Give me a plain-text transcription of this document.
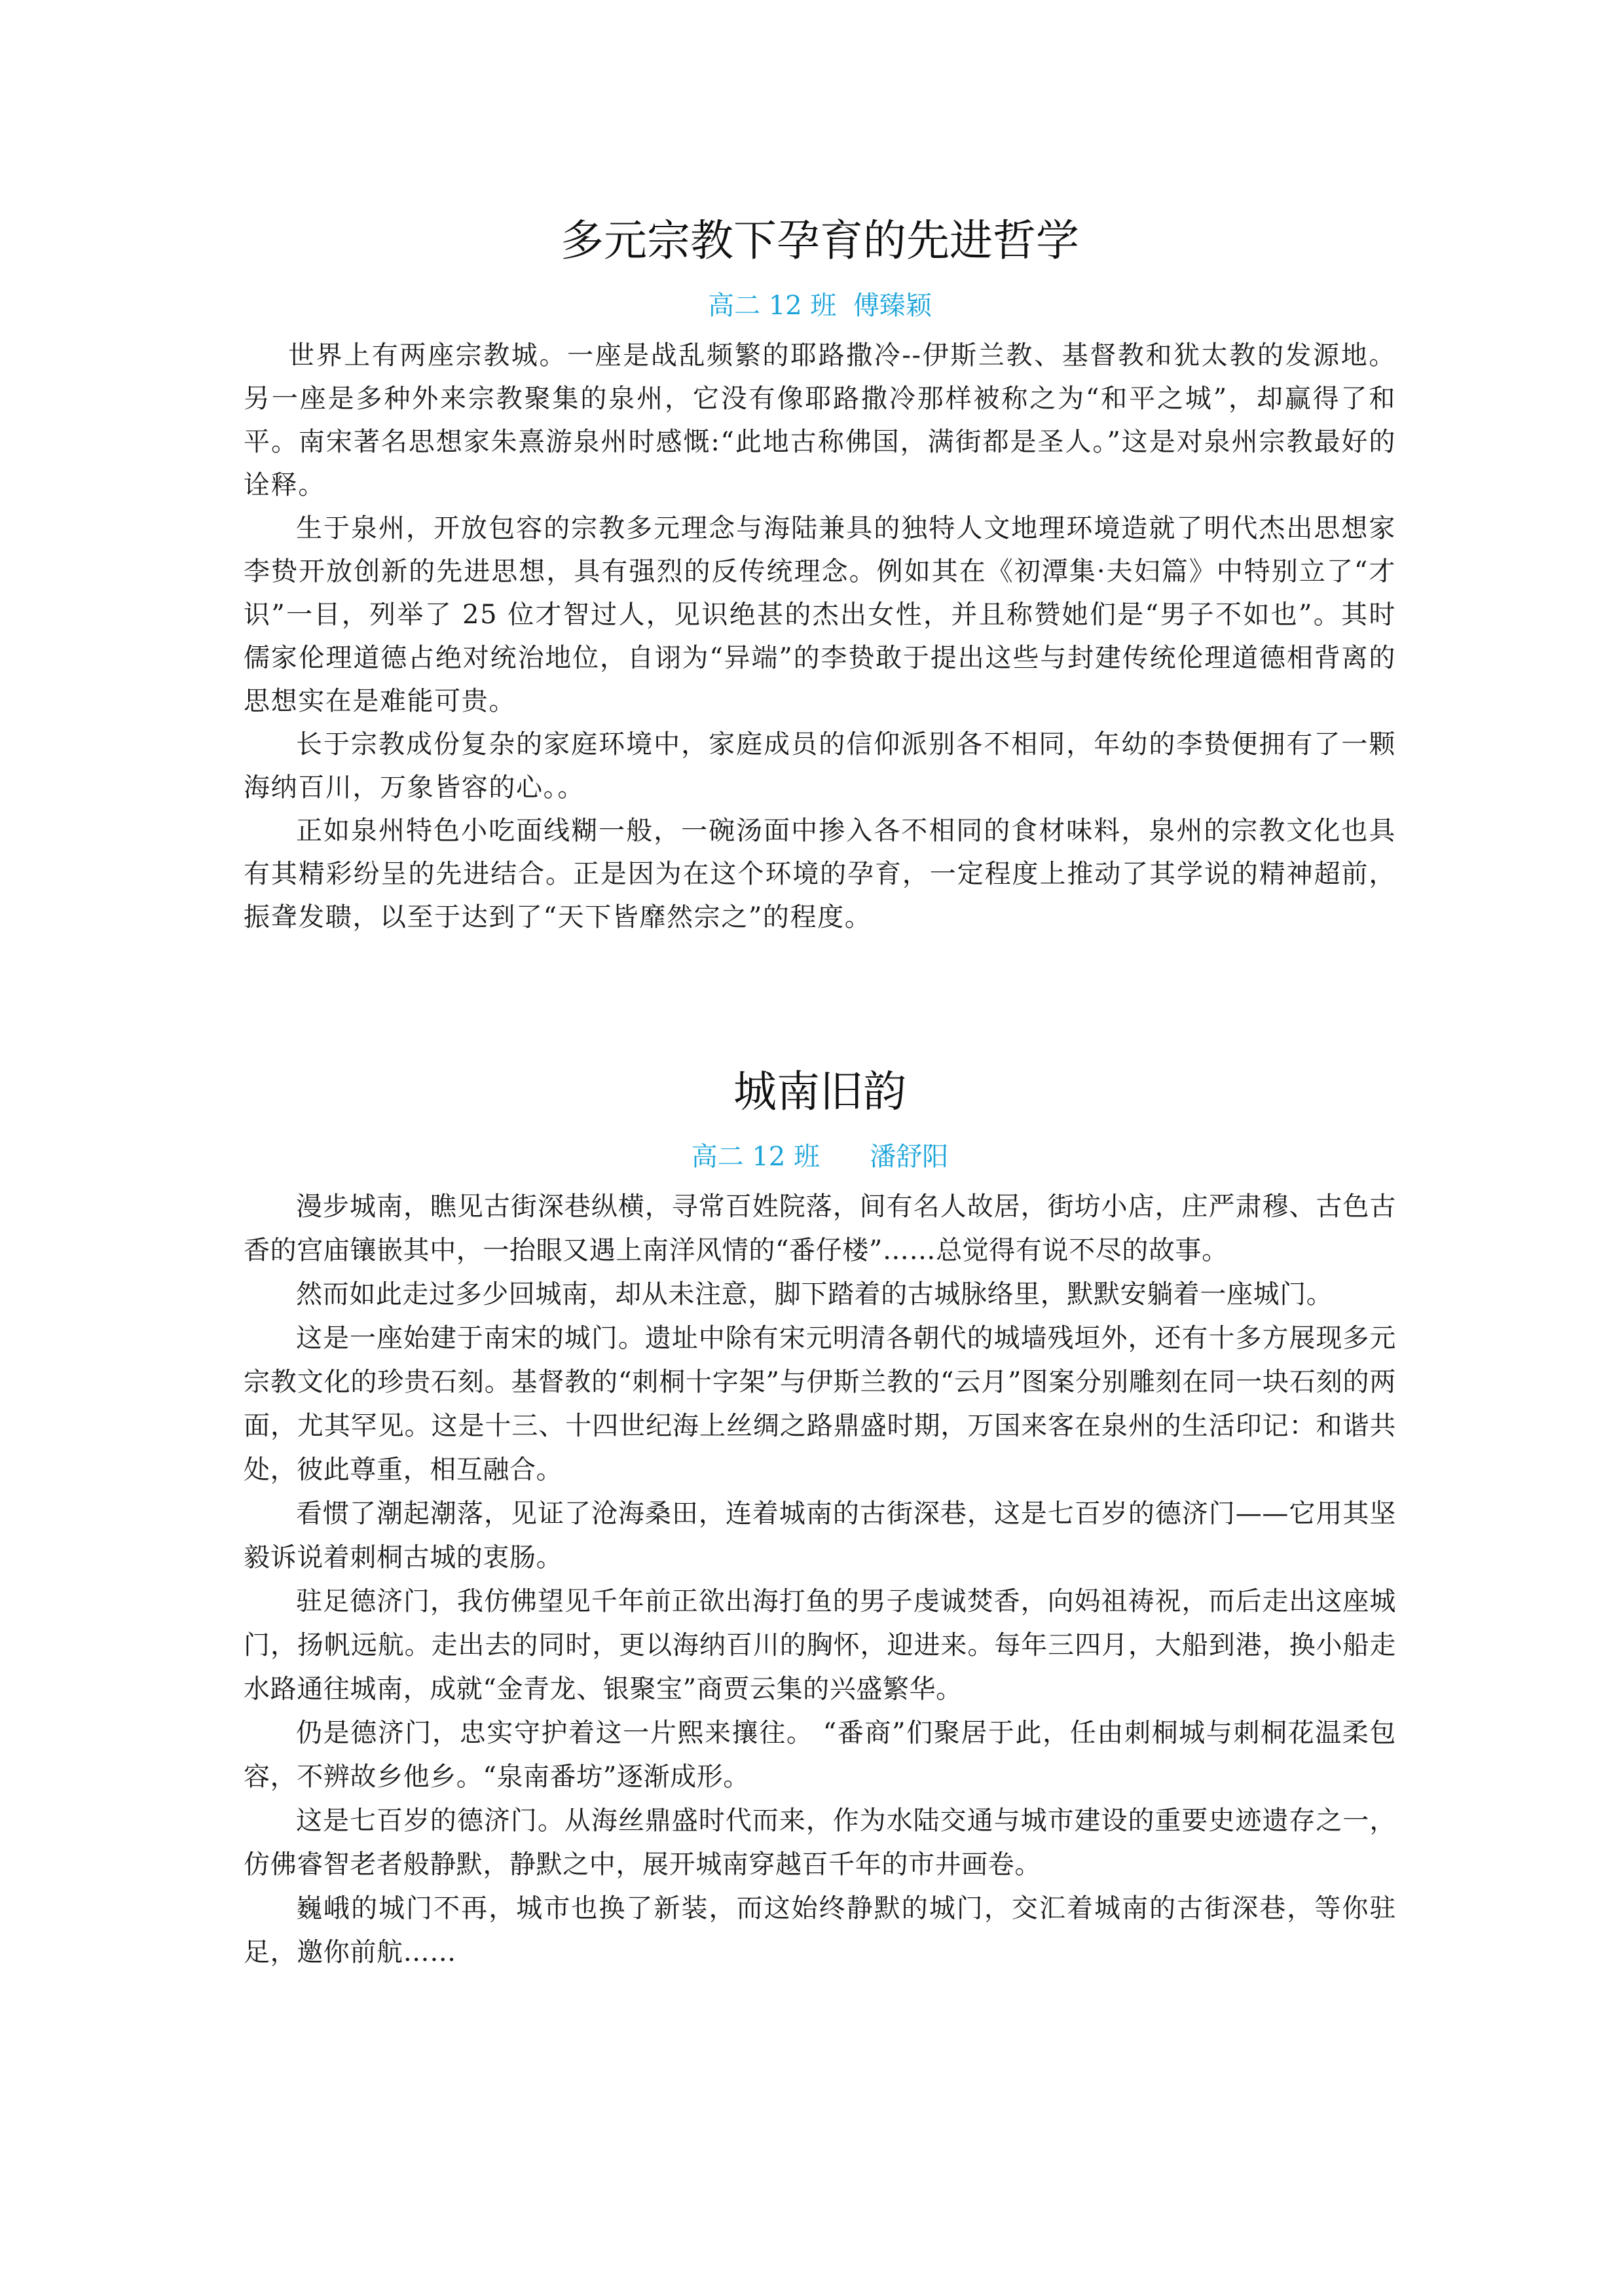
多元宗教下孕育的先进哲学
高二 12 班  傅臻颖

世界上有两座宗教城。一座是战乱频繁的耶路撒冷--伊斯兰教、基督教和犹太教的发源地。另一座是多种外来宗教聚集的泉州，它没有像耶路撒冷那样被称之为“和平之城”，却赢得了和平。南宋著名思想家朱熹游泉州时感慨:“此地古称佛国，满街都是圣人。”这是对泉州宗教最好的诠释。

生于泉州，开放包容的宗教多元理念与海陆兼具的独特人文地理环境造就了明代杰出思想家李贽开放创新的先进思想，具有强烈的反传统理念。例如其在《初潭集·夫妇篇》中特别立了“才识”一目，列举了 25 位才智过人，见识绝甚的杰出女性，并且称赞她们是“男子不如也”。其时儒家伦理道德占绝对统治地位，自诩为“异端”的李贽敢于提出这些与封建传统伦理道德相背离的思想实在是难能可贵。

长于宗教成份复杂的家庭环境中，家庭成员的信仰派别各不相同，年幼的李贽便拥有了一颗海纳百川，万象皆容的心。。

正如泉州特色小吃面线糊一般，一碗汤面中掺入各不相同的食材味料，泉州的宗教文化也具有其精彩纷呈的先进结合。正是因为在这个环境的孕育，一定程度上推动了其学说的精神超前，振聋发聩，以至于达到了“天下皆靡然宗之”的程度。

城南旧韵
高二 12 班      潘舒阳

漫步城南，瞧见古街深巷纵横，寻常百姓院落，间有名人故居，街坊小店，庄严肃穆、古色古香的宫庙镶嵌其中，一抬眼又遇上南洋风情的“番仔楼”……总觉得有说不尽的故事。

然而如此走过多少回城南，却从未注意，脚下踏着的古城脉络里，默默安躺着一座城门。

这是一座始建于南宋的城门。遗址中除有宋元明清各朝代的城墙残垣外，还有十多方展现多元宗教文化的珍贵石刻。基督教的“刺桐十字架”与伊斯兰教的“云月”图案分别雕刻在同一块石刻的两面，尤其罕见。这是十三、十四世纪海上丝绸之路鼎盛时期，万国来客在泉州的生活印记：和谐共处，彼此尊重，相互融合。

看惯了潮起潮落，见证了沧海桑田，连着城南的古街深巷，这是七百岁的德济门——它用其坚毅诉说着刺桐古城的衷肠。

驻足德济门，我仿佛望见千年前正欲出海打鱼的男子虔诚焚香，向妈祖祷祝，而后走出这座城门，扬帆远航。走出去的同时，更以海纳百川的胸怀，迎进来。每年三四月，大船到港，换小船走水路通往城南，成就“金青龙、银聚宝”商贾云集的兴盛繁华。

仍是德济门，忠实守护着这一片熙来攘往。 “番商”们聚居于此，任由刺桐城与刺桐花温柔包容，不辨故乡他乡。“泉南番坊”逐渐成形。

这是七百岁的德济门。从海丝鼎盛时代而来，作为水陆交通与城市建设的重要史迹遗存之一，仿佛睿智老者般静默，静默之中，展开城南穿越百千年的市井画卷。

巍峨的城门不再，城市也换了新装，而这始终静默的城门，交汇着城南的古街深巷，等你驻足，邀你前航……
